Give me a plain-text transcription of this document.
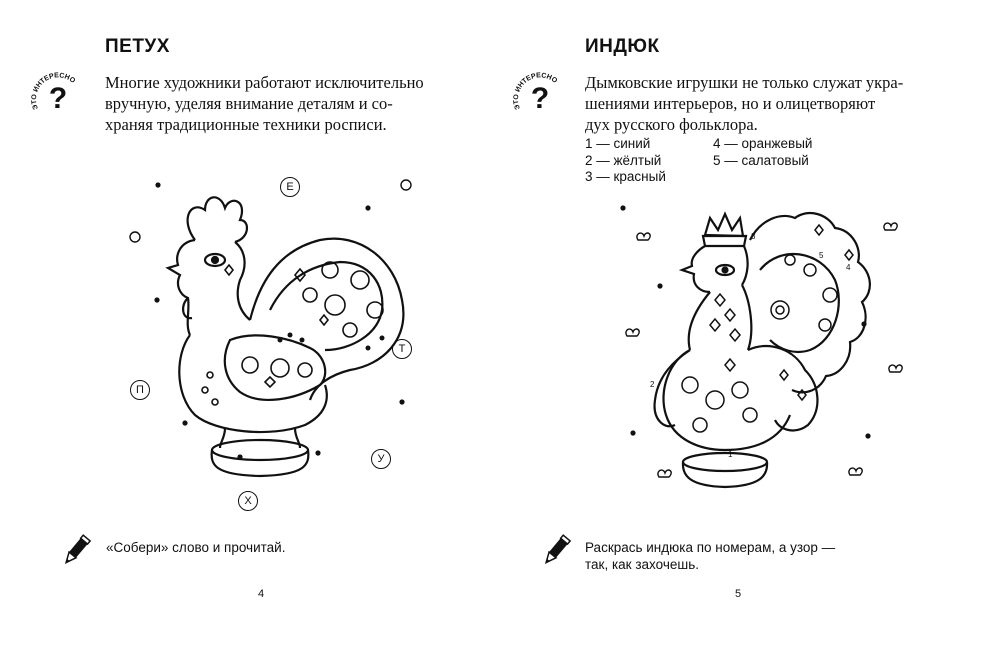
ПЕТУХ
ЭТО ИНТЕРЕСНО
? Многие художники работают исключительно
вручную, уделяя внимание деталям и со-
храняя традиционные техники росписи.
Е
Т
П
У
Х
«Собери» слово и прочитай.
4
ИНДЮК
ЭТО ИНТЕРЕСНО
? Дымковские игрушки не только служат укра-
шениями интерьеров, но и олицетворяют
дух русского фольклора.
1 — синий
2 — жёлтый
3 — красный
4 — оранжевый
5 — салатовый
1
2
3
4
5
Раскрась индюка по номерам, а узор —
так, как захочешь.
5
